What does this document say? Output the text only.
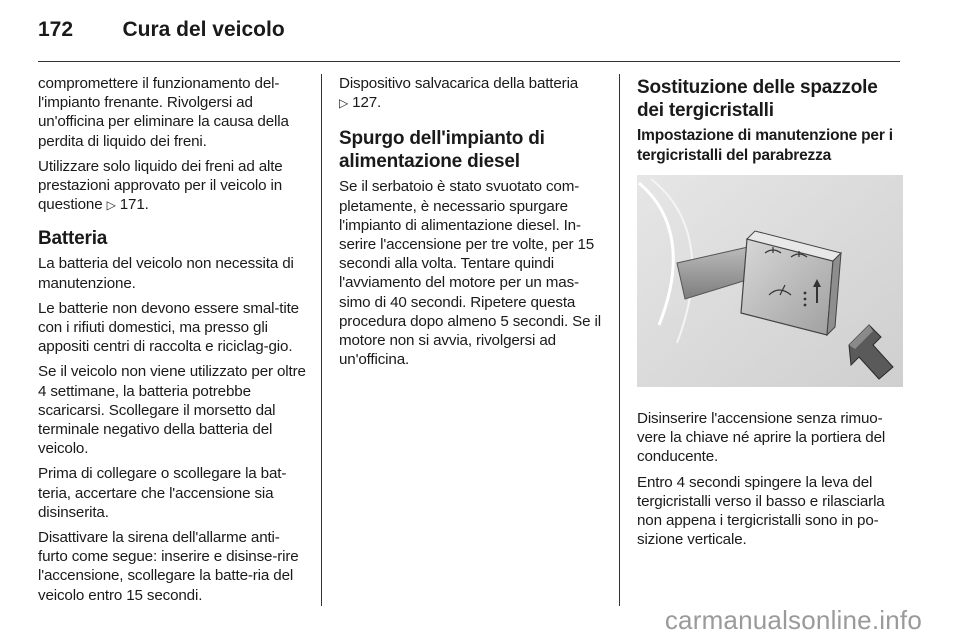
172 Cura del veicolo

compromettere il funzionamento del-l'impianto frenante. Rivolgersi ad un'officina per eliminare la causa della perdita di liquido dei freni.

Utilizzare solo liquido dei freni ad alte prestazioni approvato per il veicolo in questione ▷ 171.

Batteria

La batteria del veicolo non necessita di manutenzione.

Le batterie non devono essere smal-tite con i rifiuti domestici, ma presso gli appositi centri di raccolta e riciclag-gio.

Se il veicolo non viene utilizzato per oltre 4 settimane, la batteria potrebbe scaricarsi. Scollegare il morsetto dal terminale negativo della batteria del veicolo.

Prima di collegare o scollegare la bat-teria, accertare che l'accensione sia disinserita.

Disattivare la sirena dell'allarme anti-furto come segue: inserire e disinse-rire l'accensione, scollegare la batte-ria del veicolo entro 15 secondi.

Dispositivo salvacarica della batteria
▷ 127.

Spurgo dell'impianto di alimentazione diesel

Se il serbatoio è stato svuotato com-pletamente, è necessario spurgare l'impianto di alimentazione diesel. In-serire l'accensione per tre volte, per 15 secondi alla volta. Tentare quindi l'avviamento del motore per un mas-simo di 40 secondi. Ripetere questa procedura dopo almeno 5 secondi. Se il motore non si avvia, rivolgersi ad un'officina.

Sostituzione delle spazzole dei tergicristalli
Impostazione di manutenzione per i tergicristalli del parabrezza

Disinserire l'accensione senza rimuo-vere la chiave né aprire la portiera del conducente.

Entro 4 secondi spingere la leva del tergicristalli verso il basso e rilasciarla non appena i tergicristalli sono in po-sizione verticale.

carmanualsonline.info
